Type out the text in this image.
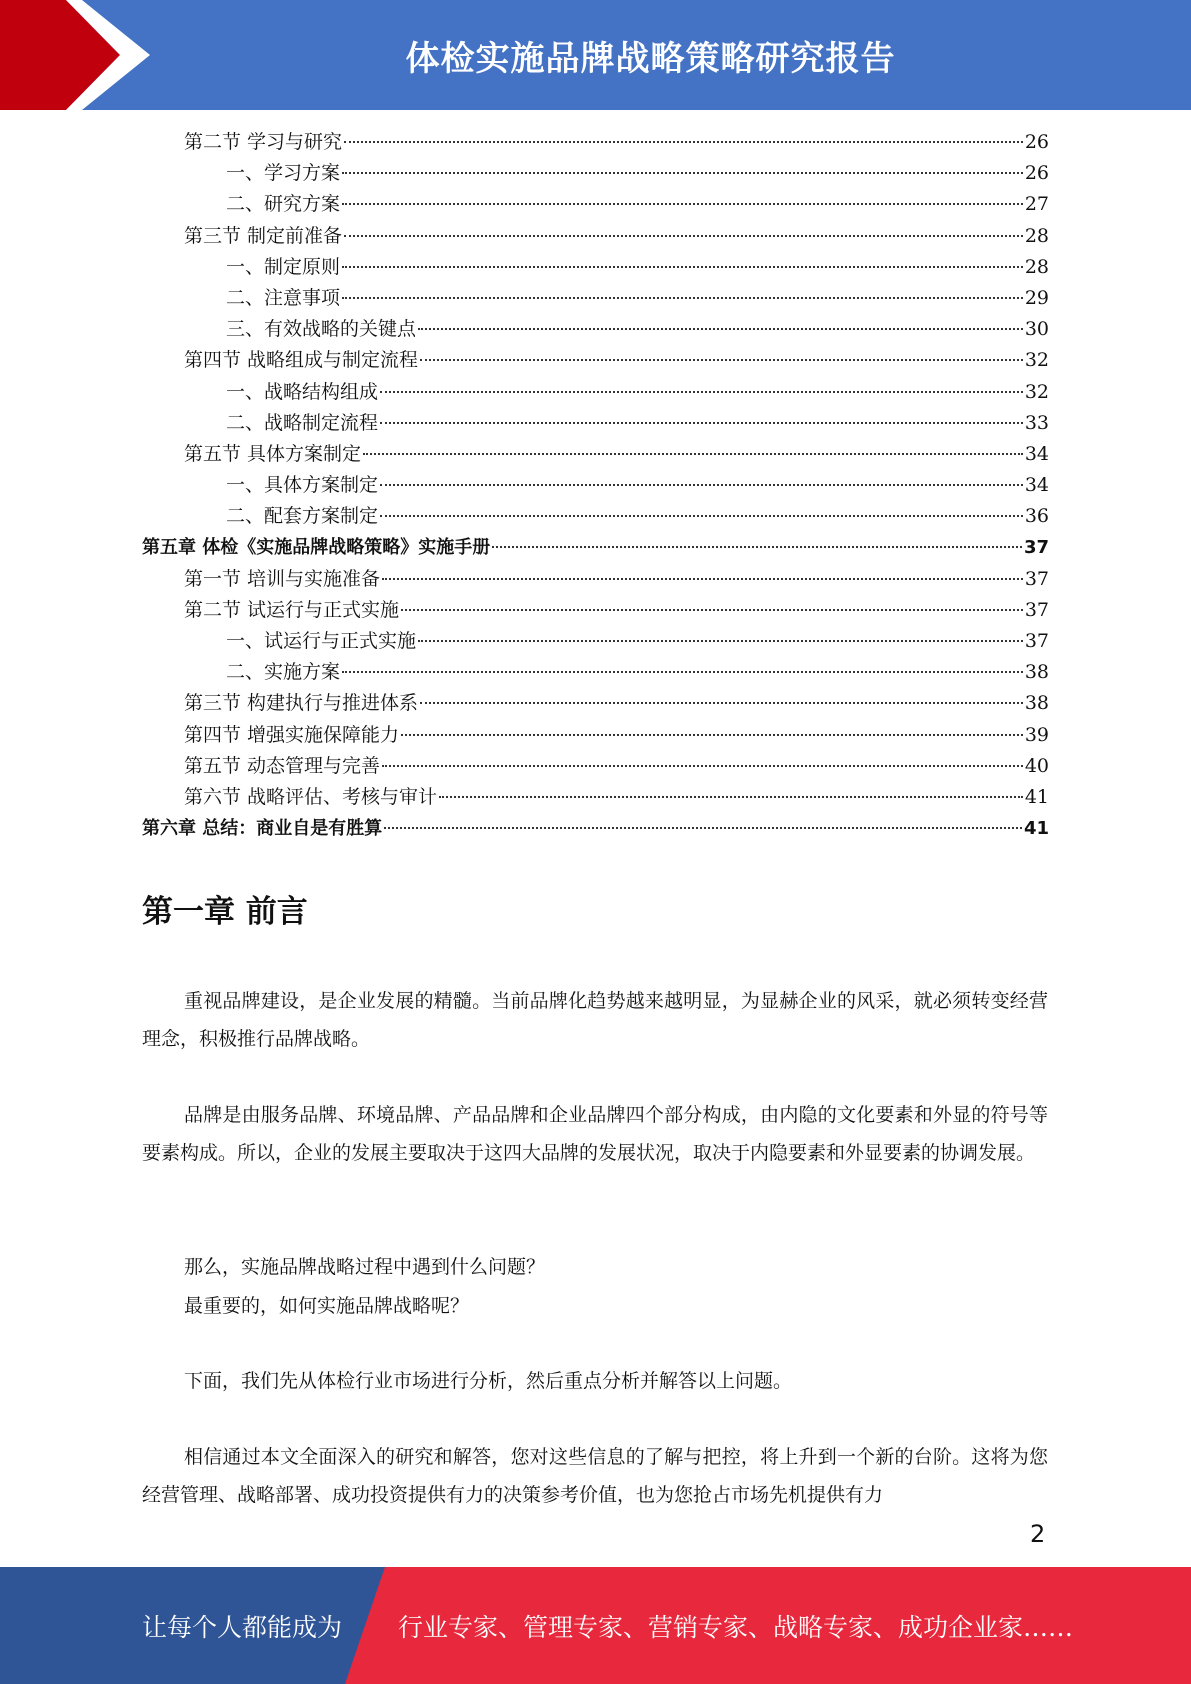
体检实施品牌战略策略研究报告
第二节 学习与研究	26
一、学习方案	26
二、研究方案	27
第三节 制定前准备	28
一、制定原则	28
二、注意事项	29
三、有效战略的关键点	30
第四节 战略组成与制定流程	32
一、战略结构组成	32
二、战略制定流程	33
第五节 具体方案制定	34
一、具体方案制定	34
二、配套方案制定	36
第五章 体检《实施品牌战略策略》实施手册	37
第一节 培训与实施准备	37
第二节 试运行与正式实施	37
一、试运行与正式实施	37
二、实施方案	38
第三节 构建执行与推进体系	38
第四节 增强实施保障能力	39
第五节 动态管理与完善	40
第六节 战略评估、考核与审计	41
第六章 总结：商业自是有胜算	41
第一章 前言
重视品牌建设，是企业发展的精髓。当前品牌化趋势越来越明显，为显赫企业的风采，就必须转变经营理念，积极推行品牌战略。
品牌是由服务品牌、环境品牌、产品品牌和企业品牌四个部分构成，由内隐的文化要素和外显的符号等要素构成。所以，企业的发展主要取决于这四大品牌的发展状况，取决于内隐要素和外显要素的协调发展。
那么，实施品牌战略过程中遇到什么问题？
最重要的，如何实施品牌战略呢？
下面，我们先从体检行业市场进行分析，然后重点分析并解答以上问题。
相信通过本文全面深入的研究和解答，您对这些信息的了解与把控，将上升到一个新的台阶。这将为您经营管理、战略部署、成功投资提供有力的决策参考价值，也为您抢占市场先机提供有力
2
让每个人都能成为 行业专家、管理专家、营销专家、战略专家、成功企业家……
